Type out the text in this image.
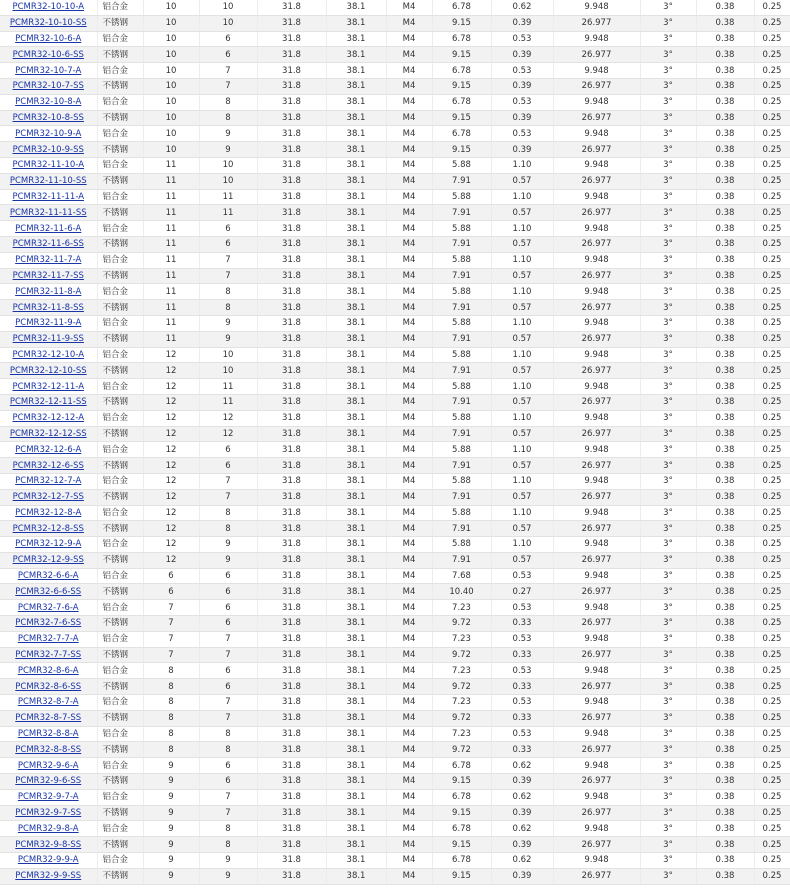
PCMR32-10-10-A	铝合金	10	10	31.8	38.1	M4	6.78	0.62	9.948	3°	0.38	0.25
PCMR32-10-10-SS	不锈钢	10	10	31.8	38.1	M4	9.15	0.39	26.977	3°	0.38	0.25
PCMR32-10-6-A	铝合金	10	6	31.8	38.1	M4	6.78	0.53	9.948	3°	0.38	0.25
PCMR32-10-6-SS	不锈钢	10	6	31.8	38.1	M4	9.15	0.39	26.977	3°	0.38	0.25
PCMR32-10-7-A	铝合金	10	7	31.8	38.1	M4	6.78	0.53	9.948	3°	0.38	0.25
PCMR32-10-7-SS	不锈钢	10	7	31.8	38.1	M4	9.15	0.39	26.977	3°	0.38	0.25
PCMR32-10-8-A	铝合金	10	8	31.8	38.1	M4	6.78	0.53	9.948	3°	0.38	0.25
PCMR32-10-8-SS	不锈钢	10	8	31.8	38.1	M4	9.15	0.39	26.977	3°	0.38	0.25
PCMR32-10-9-A	铝合金	10	9	31.8	38.1	M4	6.78	0.53	9.948	3°	0.38	0.25
PCMR32-10-9-SS	不锈钢	10	9	31.8	38.1	M4	9.15	0.39	26.977	3°	0.38	0.25
PCMR32-11-10-A	铝合金	11	10	31.8	38.1	M4	5.88	1.10	9.948	3°	0.38	0.25
PCMR32-11-10-SS	不锈钢	11	10	31.8	38.1	M4	7.91	0.57	26.977	3°	0.38	0.25
PCMR32-11-11-A	铝合金	11	11	31.8	38.1	M4	5.88	1.10	9.948	3°	0.38	0.25
PCMR32-11-11-SS	不锈钢	11	11	31.8	38.1	M4	7.91	0.57	26.977	3°	0.38	0.25
PCMR32-11-6-A	铝合金	11	6	31.8	38.1	M4	5.88	1.10	9.948	3°	0.38	0.25
PCMR32-11-6-SS	不锈钢	11	6	31.8	38.1	M4	7.91	0.57	26.977	3°	0.38	0.25
PCMR32-11-7-A	铝合金	11	7	31.8	38.1	M4	5.88	1.10	9.948	3°	0.38	0.25
PCMR32-11-7-SS	不锈钢	11	7	31.8	38.1	M4	7.91	0.57	26.977	3°	0.38	0.25
PCMR32-11-8-A	铝合金	11	8	31.8	38.1	M4	5.88	1.10	9.948	3°	0.38	0.25
PCMR32-11-8-SS	不锈钢	11	8	31.8	38.1	M4	7.91	0.57	26.977	3°	0.38	0.25
PCMR32-11-9-A	铝合金	11	9	31.8	38.1	M4	5.88	1.10	9.948	3°	0.38	0.25
PCMR32-11-9-SS	不锈钢	11	9	31.8	38.1	M4	7.91	0.57	26.977	3°	0.38	0.25
PCMR32-12-10-A	铝合金	12	10	31.8	38.1	M4	5.88	1.10	9.948	3°	0.38	0.25
PCMR32-12-10-SS	不锈钢	12	10	31.8	38.1	M4	7.91	0.57	26.977	3°	0.38	0.25
PCMR32-12-11-A	铝合金	12	11	31.8	38.1	M4	5.88	1.10	9.948	3°	0.38	0.25
PCMR32-12-11-SS	不锈钢	12	11	31.8	38.1	M4	7.91	0.57	26.977	3°	0.38	0.25
PCMR32-12-12-A	铝合金	12	12	31.8	38.1	M4	5.88	1.10	9.948	3°	0.38	0.25
PCMR32-12-12-SS	不锈钢	12	12	31.8	38.1	M4	7.91	0.57	26.977	3°	0.38	0.25
PCMR32-12-6-A	铝合金	12	6	31.8	38.1	M4	5.88	1.10	9.948	3°	0.38	0.25
PCMR32-12-6-SS	不锈钢	12	6	31.8	38.1	M4	7.91	0.57	26.977	3°	0.38	0.25
PCMR32-12-7-A	铝合金	12	7	31.8	38.1	M4	5.88	1.10	9.948	3°	0.38	0.25
PCMR32-12-7-SS	不锈钢	12	7	31.8	38.1	M4	7.91	0.57	26.977	3°	0.38	0.25
PCMR32-12-8-A	铝合金	12	8	31.8	38.1	M4	5.88	1.10	9.948	3°	0.38	0.25
PCMR32-12-8-SS	不锈钢	12	8	31.8	38.1	M4	7.91	0.57	26.977	3°	0.38	0.25
PCMR32-12-9-A	铝合金	12	9	31.8	38.1	M4	5.88	1.10	9.948	3°	0.38	0.25
PCMR32-12-9-SS	不锈钢	12	9	31.8	38.1	M4	7.91	0.57	26.977	3°	0.38	0.25
PCMR32-6-6-A	铝合金	6	6	31.8	38.1	M4	7.68	0.53	9.948	3°	0.38	0.25
PCMR32-6-6-SS	不锈钢	6	6	31.8	38.1	M4	10.40	0.27	26.977	3°	0.38	0.25
PCMR32-7-6-A	铝合金	7	6	31.8	38.1	M4	7.23	0.53	9.948	3°	0.38	0.25
PCMR32-7-6-SS	不锈钢	7	6	31.8	38.1	M4	9.72	0.33	26.977	3°	0.38	0.25
PCMR32-7-7-A	铝合金	7	7	31.8	38.1	M4	7.23	0.53	9.948	3°	0.38	0.25
PCMR32-7-7-SS	不锈钢	7	7	31.8	38.1	M4	9.72	0.33	26.977	3°	0.38	0.25
PCMR32-8-6-A	铝合金	8	6	31.8	38.1	M4	7.23	0.53	9.948	3°	0.38	0.25
PCMR32-8-6-SS	不锈钢	8	6	31.8	38.1	M4	9.72	0.33	26.977	3°	0.38	0.25
PCMR32-8-7-A	铝合金	8	7	31.8	38.1	M4	7.23	0.53	9.948	3°	0.38	0.25
PCMR32-8-7-SS	不锈钢	8	7	31.8	38.1	M4	9.72	0.33	26.977	3°	0.38	0.25
PCMR32-8-8-A	铝合金	8	8	31.8	38.1	M4	7.23	0.53	9.948	3°	0.38	0.25
PCMR32-8-8-SS	不锈钢	8	8	31.8	38.1	M4	9.72	0.33	26.977	3°	0.38	0.25
PCMR32-9-6-A	铝合金	9	6	31.8	38.1	M4	6.78	0.62	9.948	3°	0.38	0.25
PCMR32-9-6-SS	不锈钢	9	6	31.8	38.1	M4	9.15	0.39	26.977	3°	0.38	0.25
PCMR32-9-7-A	铝合金	9	7	31.8	38.1	M4	6.78	0.62	9.948	3°	0.38	0.25
PCMR32-9-7-SS	不锈钢	9	7	31.8	38.1	M4	9.15	0.39	26.977	3°	0.38	0.25
PCMR32-9-8-A	铝合金	9	8	31.8	38.1	M4	6.78	0.62	9.948	3°	0.38	0.25
PCMR32-9-8-SS	不锈钢	9	8	31.8	38.1	M4	9.15	0.39	26.977	3°	0.38	0.25
PCMR32-9-9-A	铝合金	9	9	31.8	38.1	M4	6.78	0.62	9.948	3°	0.38	0.25
PCMR32-9-9-SS	不锈钢	9	9	31.8	38.1	M4	9.15	0.39	26.977	3°	0.38	0.25
